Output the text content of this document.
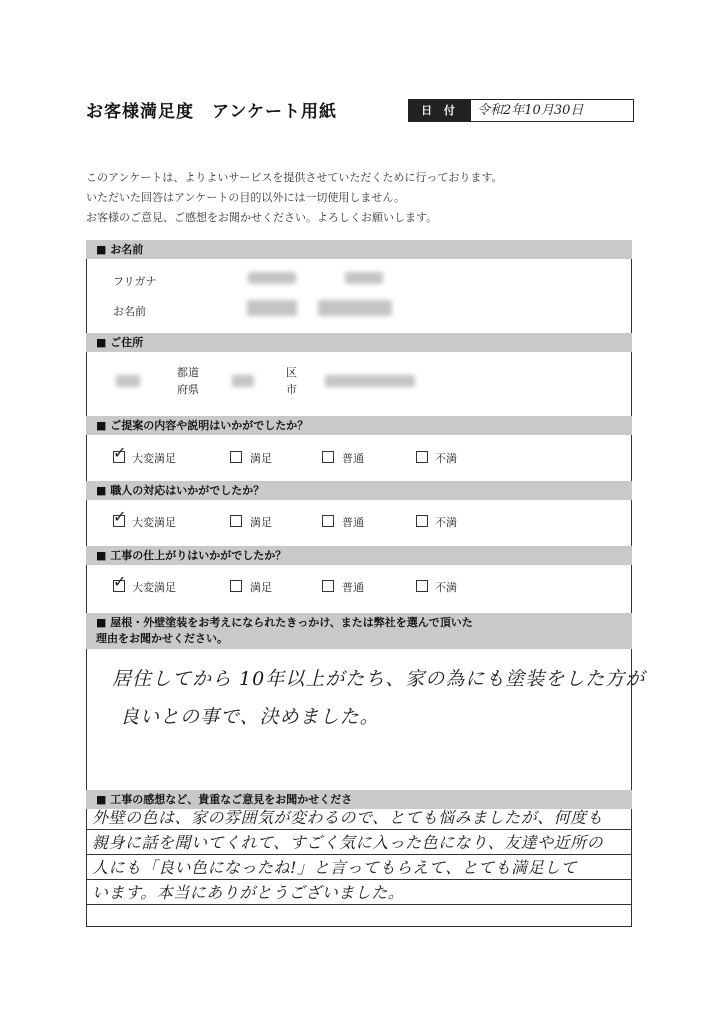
お客様満足度　アンケート用紙	日 付	令和2年10月30日
このアンケートは、よりよいサービスを提供させていただくために行っております。
いただいた回答はアンケートの目的以外には一切使用しません。
お客様のご意見、ご感想をお聞かせください。よろしくお願いします。
■ お名前
フリガナ
お名前
■ ご住所
都道
府県
区
市
■ ご提案の内容や説明はいかがでしたか？
✓ 大変満足	満足	普通	不満
■ 職人の対応はいかがでしたか？
✓ 大変満足	満足	普通	不満
■ 工事の仕上がりはいかがでしたか？
✓ 大変満足	満足	普通	不満
■ 屋根・外壁塗装をお考えになられたきっかけ、または弊社を選んで頂いた
理由をお聞かせください。
居住してから 10年以上がたち、家の為にも塗装をした方が
良いとの事で、決めました。
■ 工事の感想など、貴重なご意見をお聞かせくださ
外壁の色は、家の雰囲気が変わるので、とても悩みましたが、何度も
親身に話を聞いてくれて、すごく気に入った色になり、友達や近所の
人にも「良い色になったね!」と言ってもらえて、とても満足して
います。本当にありがとうございました。
